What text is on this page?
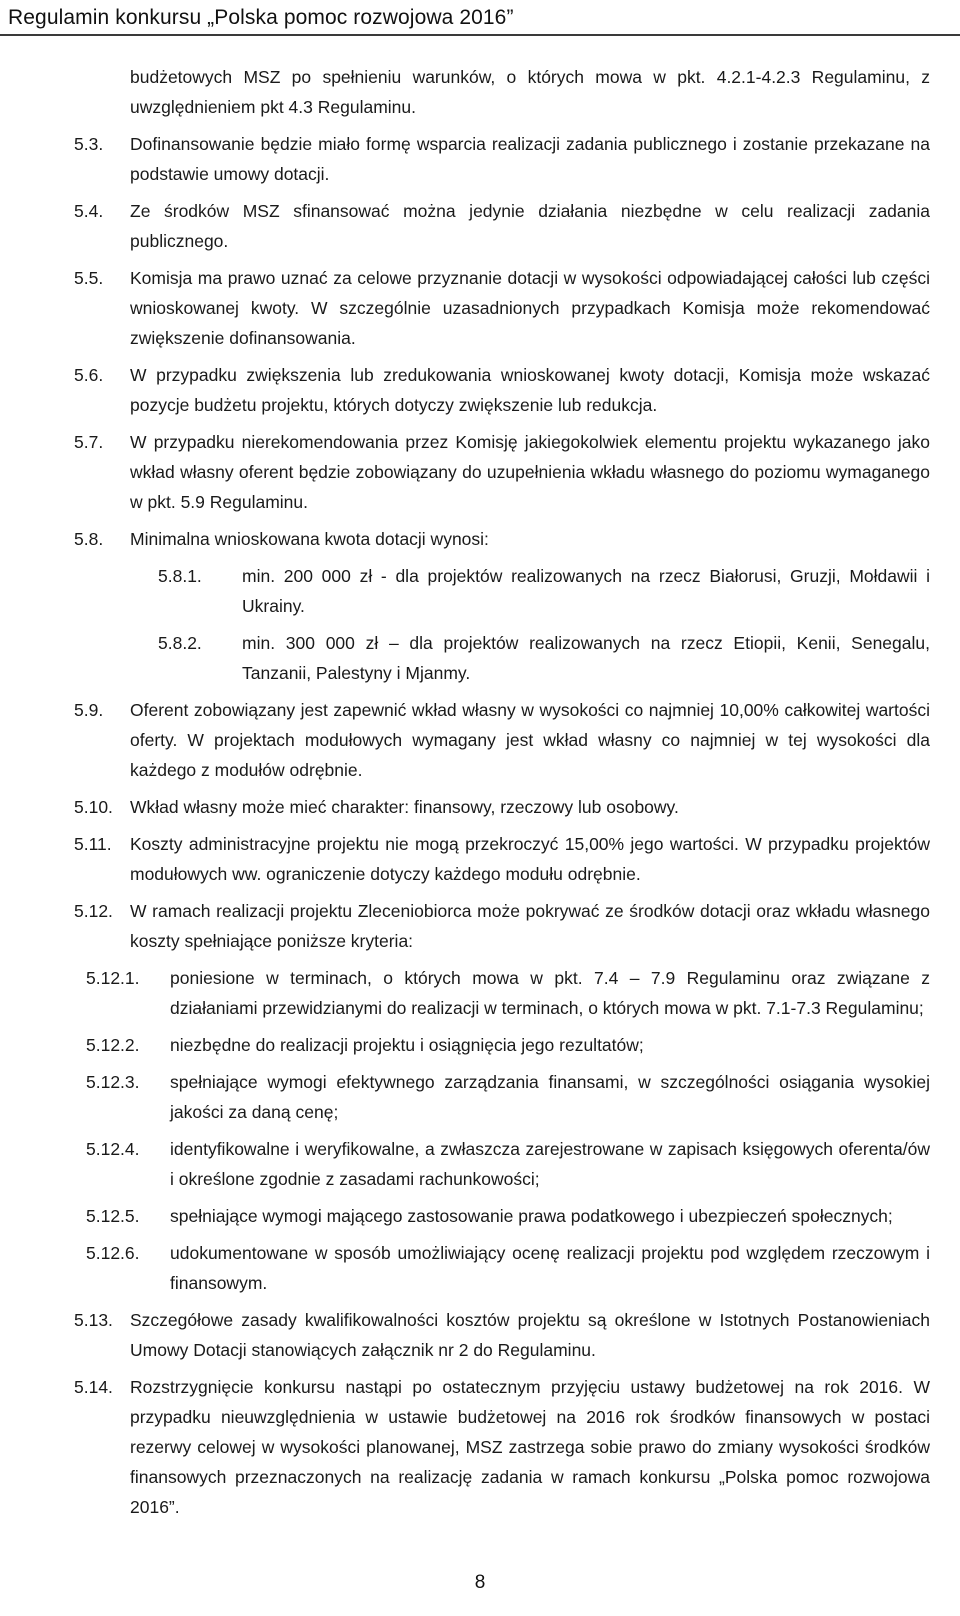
Regulamin konkursu „Polska pomoc rozwojowa 2016”
budżetowych MSZ po spełnieniu warunków, o których mowa w pkt. 4.2.1-4.2.3 Regulaminu, z uwzględnieniem pkt 4.3 Regulaminu.
5.3.	Dofinansowanie będzie miało formę wsparcia realizacji zadania publicznego i zostanie przekazane na podstawie umowy dotacji.
5.4.	Ze środków MSZ sfinansować można jedynie działania niezbędne w celu realizacji zadania publicznego.
5.5.	Komisja ma prawo uznać za celowe przyznanie dotacji w wysokości odpowiadającej całości lub części wnioskowanej kwoty. W szczególnie uzasadnionych przypadkach Komisja może rekomendować zwiększenie dofinansowania.
5.6.	W przypadku zwiększenia lub zredukowania wnioskowanej kwoty dotacji, Komisja może wskazać pozycje budżetu projektu, których dotyczy zwiększenie lub redukcja.
5.7.	W przypadku nierekomendowania przez Komisję jakiegokolwiek elementu projektu wykazanego jako wkład własny oferent będzie zobowiązany do uzupełnienia wkładu własnego do poziomu wymaganego w pkt. 5.9 Regulaminu.
5.8.	Minimalna wnioskowana kwota dotacji wynosi:
5.8.1.	min. 200 000 zł - dla projektów realizowanych na rzecz Białorusi, Gruzji, Mołdawii i Ukrainy.
5.8.2.	min. 300 000 zł – dla projektów realizowanych na rzecz Etiopii, Kenii, Senegalu, Tanzanii, Palestyny i Mjanmy.
5.9.	Oferent zobowiązany jest zapewnić wkład własny w wysokości co najmniej 10,00% całkowitej wartości oferty. W projektach modułowych wymagany jest wkład własny co najmniej w tej wysokości dla każdego z modułów odrębnie.
5.10. Wkład własny może mieć charakter: finansowy, rzeczowy lub osobowy.
5.11.	Koszty administracyjne projektu nie mogą przekroczyć 15,00% jego wartości. W przypadku projektów modułowych ww. ograniczenie dotyczy każdego modułu odrębnie.
5.12. W ramach realizacji projektu Zleceniobiorca może pokrywać ze środków dotacji oraz wkładu własnego koszty spełniające poniższe kryteria:
5.12.1.	poniesione w terminach, o których mowa w pkt. 7.4 – 7.9 Regulaminu oraz związane z działaniami przewidzianymi do realizacji w terminach, o których mowa w pkt. 7.1-7.3 Regulaminu;
5.12.2.	niezbędne do realizacji projektu i osiągnięcia jego rezultatów;
5.12.3.	spełniające wymogi efektywnego zarządzania finansami, w szczególności osiągania wysokiej jakości za daną cenę;
5.12.4.	identyfikowalne i weryfikowalne, a zwłaszcza zarejestrowane w zapisach księgowych oferenta/ów i określone zgodnie z zasadami rachunkowości;
5.12.5.	spełniające wymogi mającego zastosowanie prawa podatkowego i ubezpieczeń społecznych;
5.12.6.	udokumentowane w sposób umożliwiający ocenę realizacji projektu pod względem rzeczowym i finansowym.
5.13. Szczegółowe zasady kwalifikowalności kosztów projektu są określone w Istotnych Postanowieniach Umowy Dotacji stanowiących załącznik nr 2 do Regulaminu.
5.14. Rozstrzygnięcie konkursu nastąpi po ostatecznym przyjęciu ustawy budżetowej na rok 2016. W przypadku nieuwzględnienia w ustawie budżetowej na 2016 rok środków finansowych w postaci rezerwy celowej w wysokości planowanej, MSZ zastrzega sobie prawo do zmiany wysokości środków finansowych przeznaczonych na realizację zadania w ramach konkursu „Polska pomoc rozwojowa 2016”.
8
